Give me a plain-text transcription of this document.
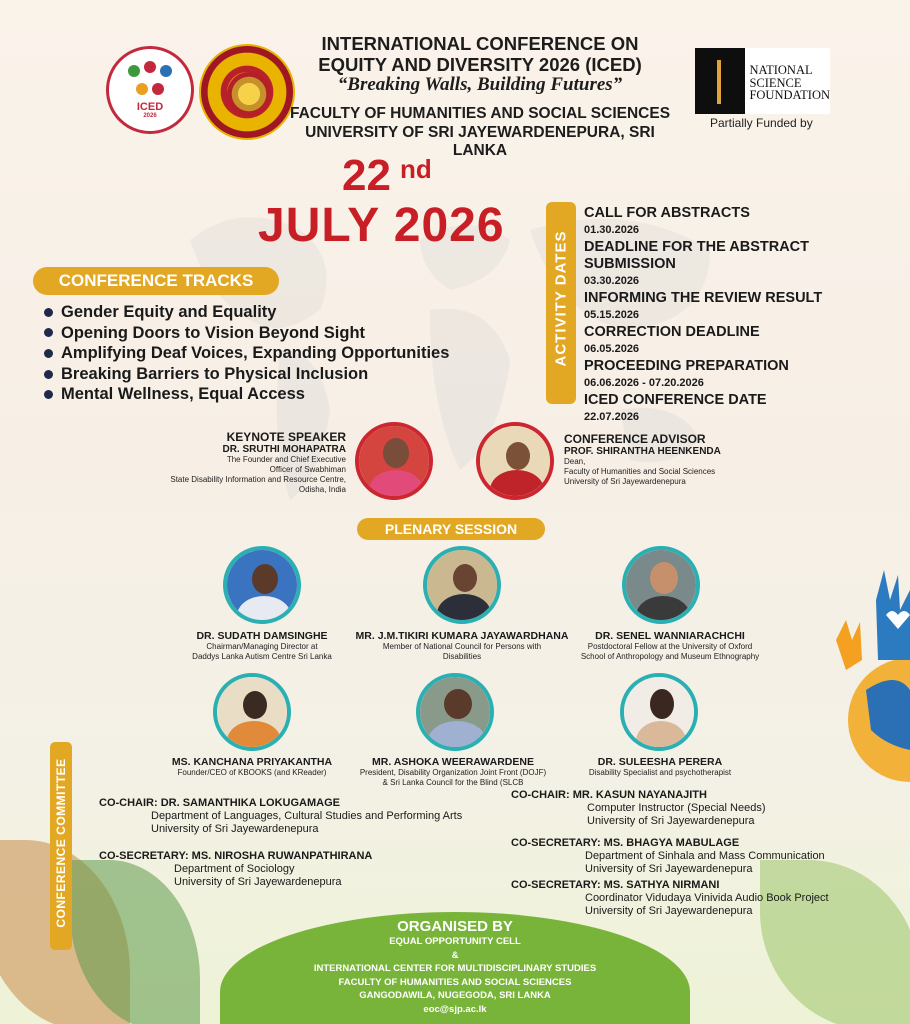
ICED
2026
INTERNATIONAL CONFERENCE ON
EQUITY AND DIVERSITY 2026 (ICED)
“Breaking Walls, Building Futures”
FACULTY OF HUMANITIES AND SOCIAL SCIENCES
UNIVERSITY OF SRI JAYEWARDENEPURA, SRI LANKA
NATIONAL
SCIENCE
FOUNDATION
Partially Funded by
22 nd
JULY 2026
ACTIVITY DATES
CALL FOR ABSTRACTS
01.30.2026
DEADLINE FOR THE ABSTRACT SUBMISSION
03.30.2026
INFORMING THE REVIEW RESULT
05.15.2026
CORRECTION DEADLINE
06.05.2026
PROCEEDING PREPARATION
06.06.2026 - 07.20.2026
ICED CONFERENCE DATE
22.07.2026
CONFERENCE TRACKS
Gender Equity and Equality
Opening Doors to Vision Beyond Sight
Amplifying Deaf Voices, Expanding Opportunities
Breaking Barriers to Physical Inclusion
Mental Wellness, Equal Access
KEYNOTE SPEAKER
DR. SRUTHI MOHAPATRA
The Founder and Chief Executive
Officer of Swabhiman
State Disability Information and Resource Centre,
Odisha, India
CONFERENCE ADVISOR
PROF. SHIRANTHA HEENKENDA
Dean,
Faculty of Humanities and Social Sciences
University of Sri Jayewardenepura
PLENARY SESSION
DR. SUDATH DAMSINGHE
Chairman/Managing Director at
Daddys Lanka Autism Centre Sri Lanka
MR. J.M.TIKIRI KUMARA JAYAWARDHANA
Member of National Council for Persons with
Disabilities
DR. SENEL WANNIARACHCHI
Postdoctoral Fellow at the University of Oxford
School of Anthropology and Museum Ethnography
MS. KANCHANA PRIYAKANTHA
Founder/CEO of KBOOKS (and KReader)
MR. ASHOKA WEERAWARDENE
President, Disability Organization Joint Front (DOJF)
& Sri Lanka Council for the Blind (SLCB
DR. SULEESHA PERERA
Disability Specialist and psychotherapist
CONFERENCE COMMITTEE	CO-CHAIR: DR. SAMANTHIKA LOKUGAMAGE
Department of Languages, Cultural Studies and Performing Arts
University of Sri Jayewardenepura
CO-SECRETARY: MS. NIROSHA RUWANPATHIRANA
Department of Sociology
University of Sri Jayewardenepura
CO-CHAIR: MR. KASUN NAYANAJITH
Computer Instructor (Special Needs)
University of Sri Jayewardenepura
CO-SECRETARY: MS. BHAGYA MABULAGE
Department of Sinhala and Mass Communication
University of Sri Jayewardenepura
CO-SECRETARY: MS. SATHYA NIRMANI
Coordinator Vidudaya Vinivida Audio Book Project
University of Sri Jayewardenepura
ORGANISED BY
EQUAL OPPORTUNITY CELL
&
INTERNATIONAL CENTER FOR MULTIDISCIPLINARY STUDIES
FACULTY OF HUMANITIES AND SOCIAL SCIENCES
GANGODAWILA, NUGEGODA, SRI LANKA
eoc@sjp.ac.lk
